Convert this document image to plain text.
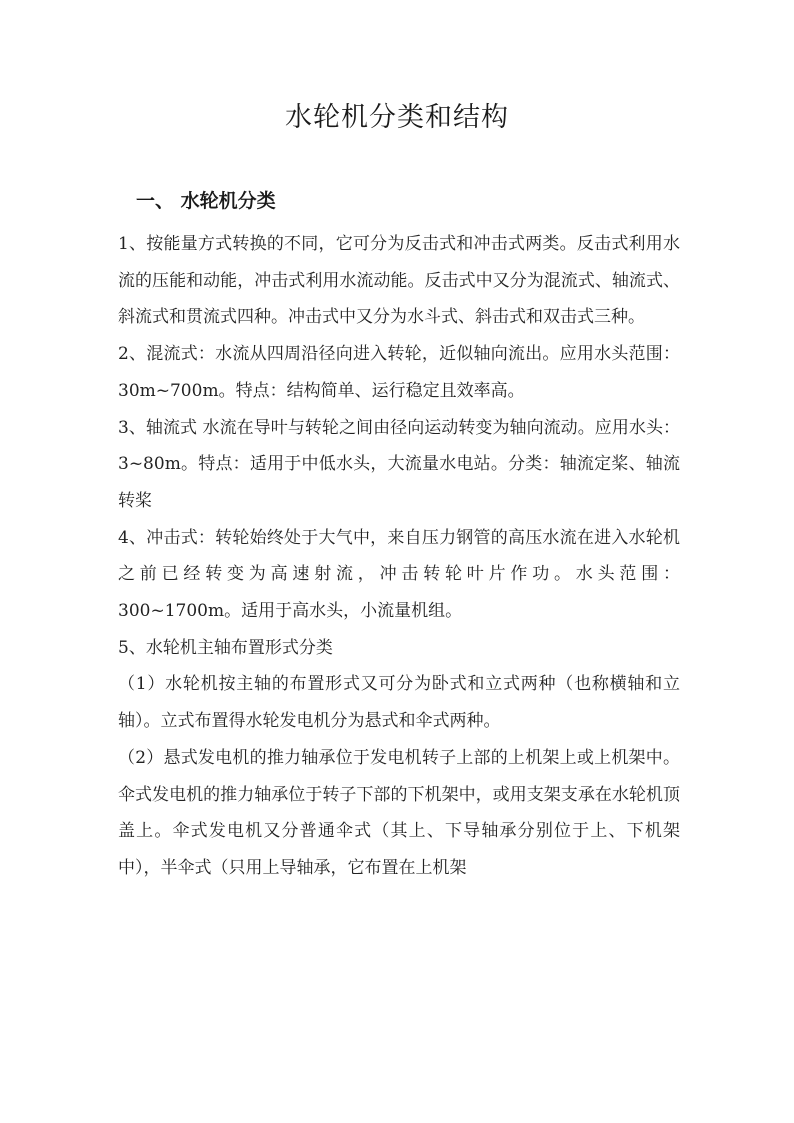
水轮机分类和结构
一、 水轮机分类

1、按能量方式转换的不同，它可分为反击式和冲击式两类。反击式利用水流的压能和动能，冲击式利用水流动能。反击式中又分为混流式、轴流式、斜流式和贯流式四种。冲击式中又分为水斗式、斜击式和双击式三种。

2、混流式：水流从四周沿径向进入转轮，近似轴向流出。应用水头范围：30m~700m。特点：结构简单、运行稳定且效率高。

3、轴流式 水流在导叶与转轮之间由径向运动转变为轴向流动。应用水头：3~80m。特点：适用于中低水头，大流量水电站。分类：轴流定桨、轴流转桨

4、冲击式：转轮始终处于大气中，来自压力钢管的高压水流在进入水轮机之前已经转变为高速射流，冲击转轮叶片作功。水头范围：300~1700m。适用于高水头，小流量机组。

5、水轮机主轴布置形式分类

（1）水轮机按主轴的布置形式又可分为卧式和立式两种（也称横轴和立轴）。立式布置得水轮发电机分为悬式和伞式两种。

（2）悬式发电机的推力轴承位于发电机转子上部的上机架上或上机架中。伞式发电机的推力轴承位于转子下部的下机架中，或用支架支承在水轮机顶盖上。伞式发电机又分普通伞式（其上、下导轴承分别位于上、下机架中），半伞式（只用上导轴承，它布置在上机架
